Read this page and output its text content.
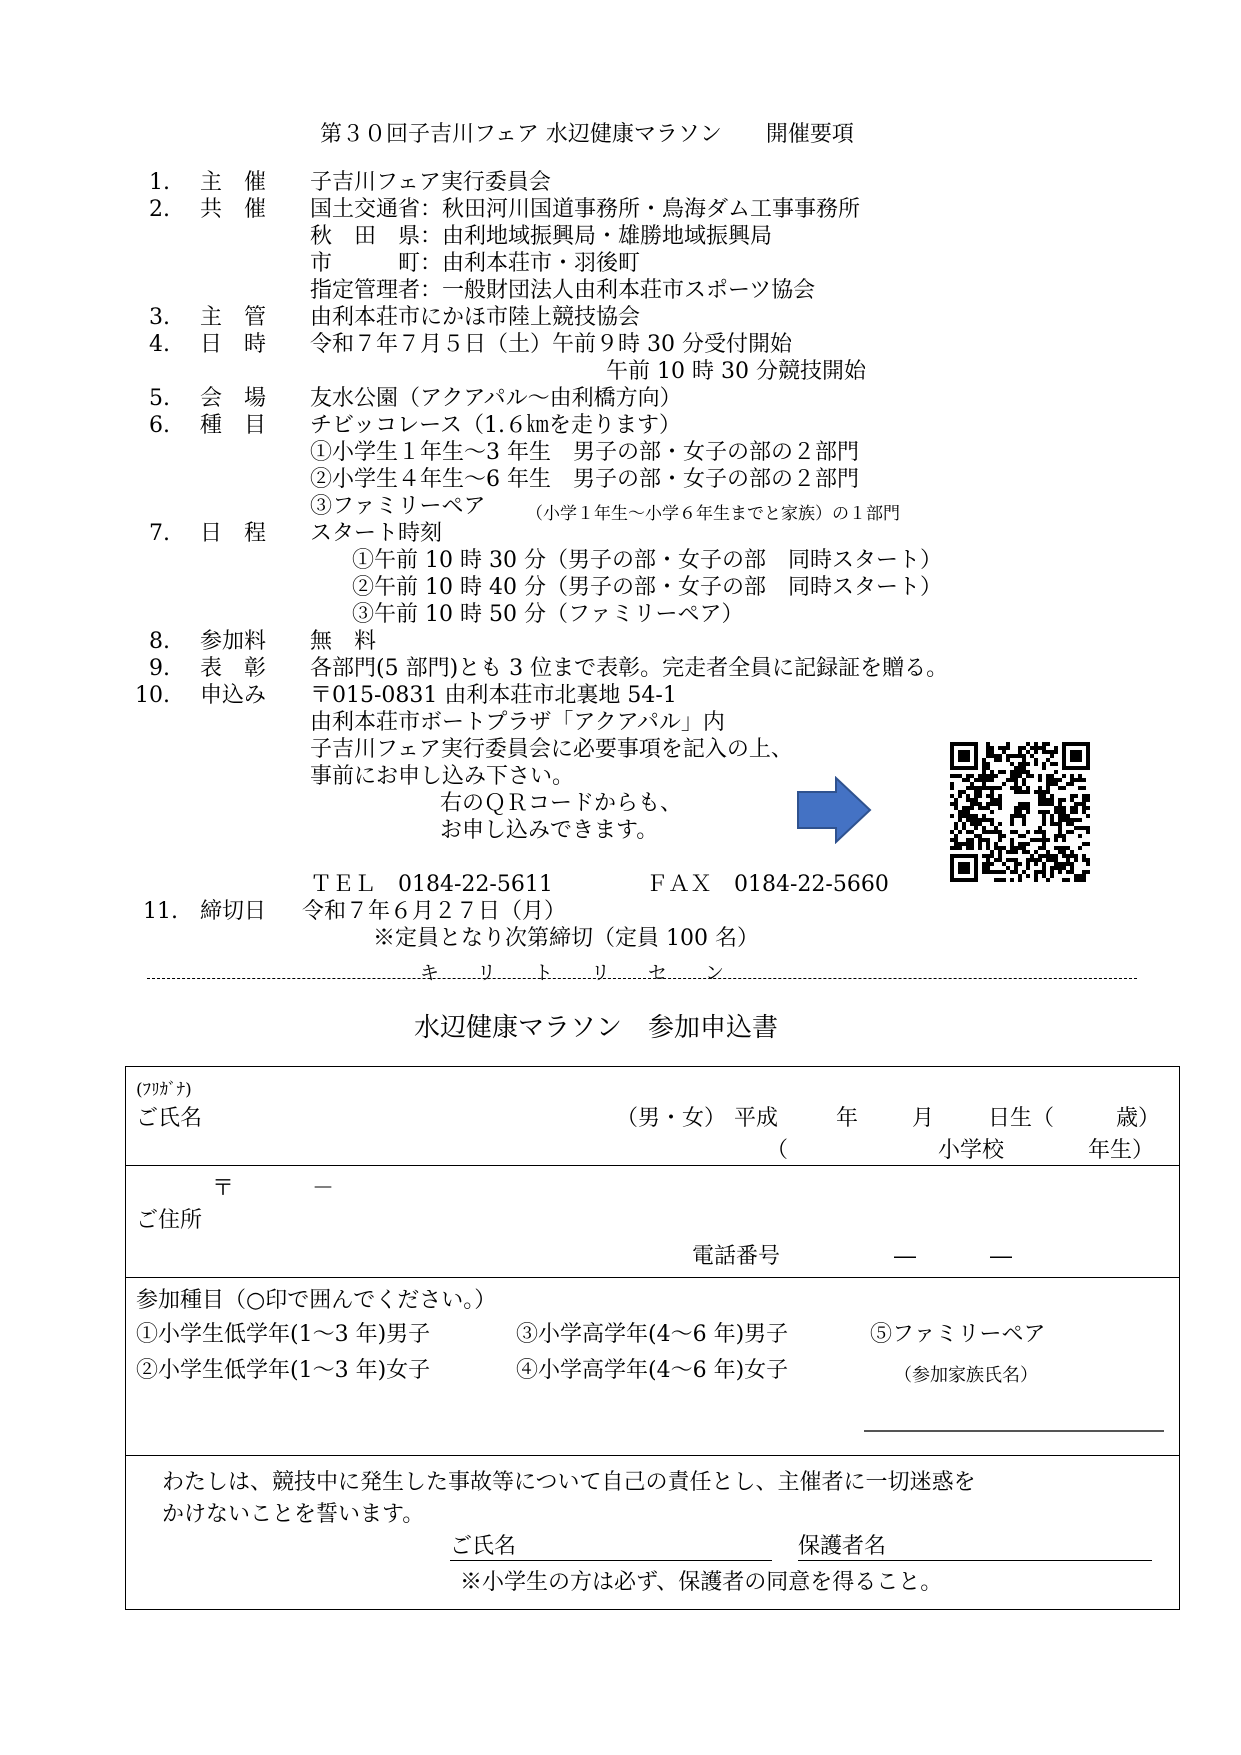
第３０回子吉川フェア 水辺健康マラソン　　開催要項
1. 主　催 子吉川フェア実行委員会
2. 共　催 国土交通省：秋田河川国道事務所・鳥海ダム工事事務所
秋　田　県：由利地域振興局・雄勝地域振興局
市　　　町：由利本荘市・羽後町
指定管理者：一般財団法人由利本荘市スポーツ協会
3. 主　管 由利本荘市にかほ市陸上競技協会
4. 日　時 令和７年７月５日（土）午前９時 30 分受付開始
午前 10 時 30 分競技開始
5. 会　場 友水公園（アクアパル～由利橋方向）
6. 種　目 チビッコレース（1.６㎞を走ります）
①小学生１年生～3 年生　男子の部・女子の部の２部門
②小学生４年生～6 年生　男子の部・女子の部の２部門
③ファミリーペア （小学１年生～小学６年生までと家族）の１部門
7. 日　程 スタート時刻
①午前 10 時 30 分（男子の部・女子の部　同時スタート）
②午前 10 時 40 分（男子の部・女子の部　同時スタート）
③午前 10 時 50 分（ファミリーペア）
8. 参加料 無　料
9. 表　彰 各部門(5 部門)とも 3 位まで表彰。完走者全員に記録証を贈る。
10. 申込み 〒015-0831 由利本荘市北裏地 54-1
由利本荘市ボートプラザ「アクアパル」内
子吉川フェア実行委員会に必要事項を記入の上、
事前にお申し込み下さい。
右のＱＲコードからも、
お申し込みできます。
ＴＥＬ　0184-22-5611	ＦＡＸ　0184-22-5660
11. 締切日 令和７年６月２７日（月）
※定員となり次第締切（定員 100 名）
キ　　リ　　ト　　リ　　セ　　ン
水辺健康マラソン　参加申込書
(ﾌﾘｶﾞﾅ)
ご氏名	（男・女） 平成	年 月 日生（	歳）
（	小学校	年生）
〒	－
ご住所
電話番号	―	―
参加種目（○印で囲んでください。）
①小学生低学年(1～3 年)男子	③小学高学年(4～6 年)男子	⑤ファミリーペア
②小学生低学年(1～3 年)女子	④小学高学年(4～6 年)女子	（参加家族氏名）
わたしは、競技中に発生した事故等について自己の責任とし、主催者に一切迷惑を
かけないことを誓います。
ご氏名	保護者名
※小学生の方は必ず、保護者の同意を得ること。
